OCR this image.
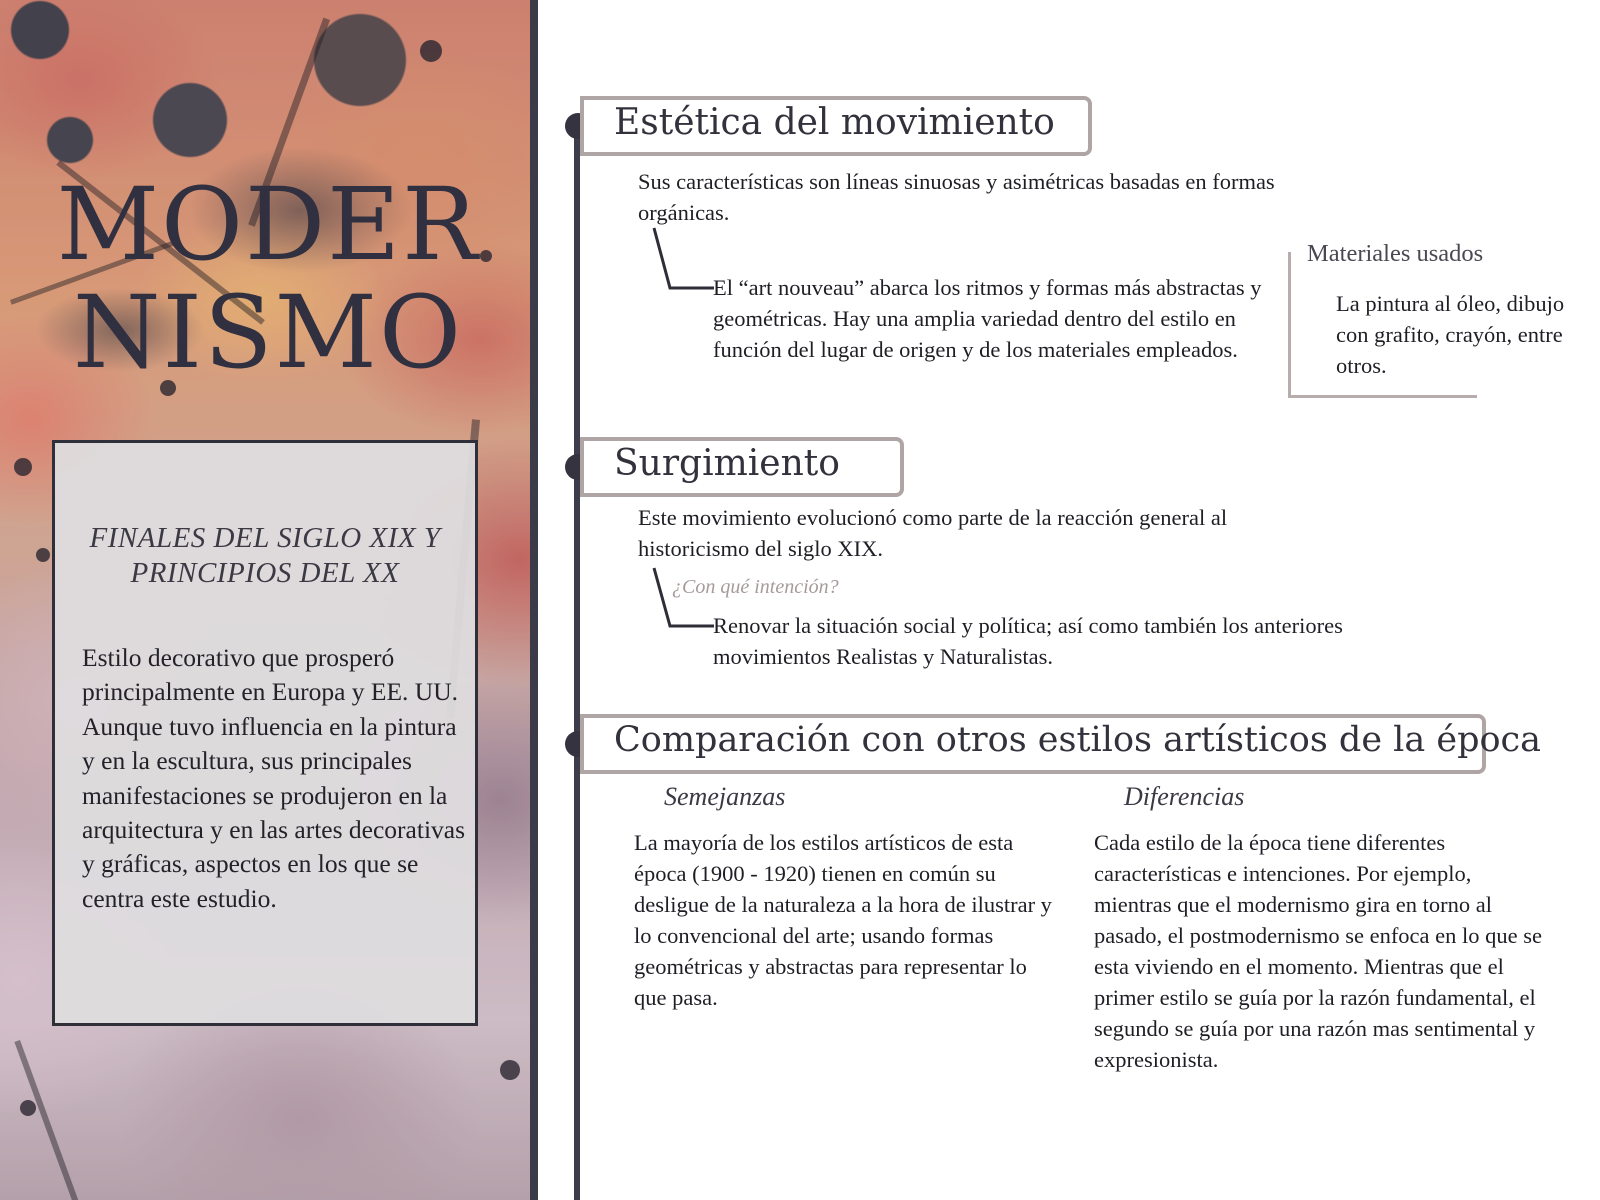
MODER
NISMO

FINALES DEL SIGLO XIX Y PRINCIPIOS DEL XX

Estilo decorativo que prosperó principalmente en Europa y EE. UU. Aunque tuvo influencia en la pintura y en la escultura, sus principales manifestaciones se produjeron en la arquitectura y en las artes decorativas y gráficas, aspectos en los que se centra este estudio.

Estética del movimiento

Sus características son líneas sinuosas y asimétricas basadas en formas orgánicas.

El “art nouveau” abarca los ritmos y formas más abstractas y geométricas. Hay una amplia variedad dentro del estilo en función del lugar de origen y de los materiales empleados.

Materiales usados

La pintura al óleo, dibujo con grafito, crayón, entre otros.

Surgimiento

Este movimiento evolucionó como parte de la reacción general al historicismo del siglo XIX.

¿Con qué intención?

Renovar la situación social y política; así como también los anteriores movimientos Realistas y Naturalistas.

Comparación con otros estilos artísticos de la época

Semejanzas

La mayoría de los estilos artísticos de esta época (1900 - 1920) tienen en común su desligue de la naturaleza a la hora de ilustrar y lo convencional del arte; usando formas geométricas y abstractas para representar lo que pasa.

Diferencias

Cada estilo de la época tiene diferentes características e intenciones. Por ejemplo, mientras que el modernismo gira en torno al pasado, el postmodernismo se enfoca en lo que se esta viviendo en el momento. Mientras que el primer estilo se guía por la razón fundamental, el segundo se guía por una razón mas sentimental y expresionista.
